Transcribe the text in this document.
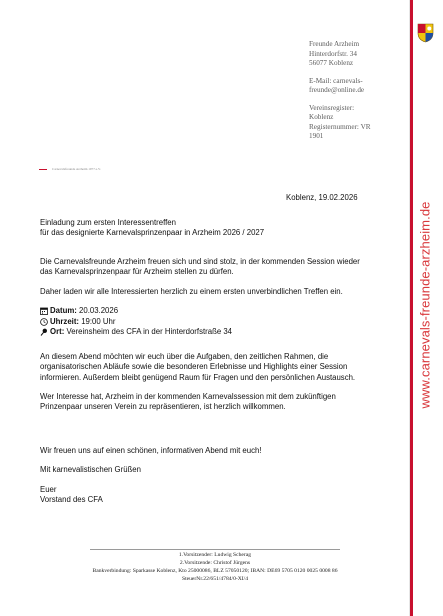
www.carnevals-freunde-arzheim.de
Freunde Arzheim
Hinterdorfstr. 34
56077 Koblenz
E-Mail: carnevals-
freunde@online.de
Vereinsregister:
Koblenz
Registernummer: VR
1901
Carnevalsfreunde Arzheim 1977 e.V.
Koblenz, 19.02.2026
Einladung zum ersten Interessentreffen
für das designierte Karnevalsprinzenpaar in Arzheim 2026 / 2027
Die Carnevalsfreunde Arzheim freuen sich und sind stolz, in der kommenden Session wieder
das Karnevalsprinzenpaar für Arzheim stellen zu dürfen.
Daher laden wir alle Interessierten herzlich zu einem ersten unverbindlichen Treffen ein.
Datum: 20.03.2026
Uhrzeit: 19:00 Uhr
Ort: Vereinsheim des CFA in der Hinterdorfstraße 34
An diesem Abend möchten wir euch über die Aufgaben, den zeitlichen Rahmen, die
organisatorischen Abläufe sowie die besonderen Erlebnisse und Highlights einer Session
informieren. Außerdem bleibt genügend Raum für Fragen und den persönlichen Austausch.
Wer Interesse hat, Arzheim in der kommenden Karnevalssession mit dem zukünftigen
Prinzenpaar unseren Verein zu repräsentieren, ist herzlich willkommen.
Wir freuen uns auf einen schönen, informativen Abend mit euch!
Mit karnevalistischen Grüßen
Euer
Vorstand des CFA
1.Vorsitzender: Ludwig Scherag
2.Vorsitzende: Christof Jürgens
Bankverbindung: Sparkasse Koblenz, Kto 25000086, BLZ 57050120; IBAN: DE69 5705 0120 0025 0008 86
SteuerNr.22/651/4784/0-XI/4
